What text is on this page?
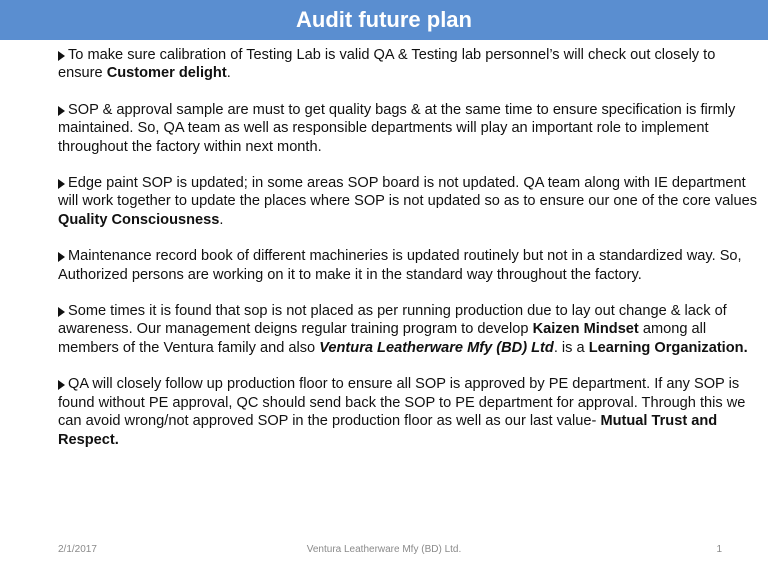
Audit future plan

To make sure calibration of Testing Lab is valid QA & Testing lab personnel’s will check out closely to ensure Customer delight.

SOP & approval sample are must to get quality bags & at the same time to ensure specification is firmly maintained. So, QA team as well as responsible departments will play an important role to implement throughout the factory within next month.

Edge paint SOP is updated; in some areas SOP board is not updated. QA team along with IE department will work together to update the places where SOP is not updated so as to ensure our one of the core values Quality Consciousness.

Maintenance record book of different machineries is updated routinely but not in a standardized way. So, Authorized persons are working on it to make it in the standard way throughout the factory.

Some times it is found that sop is not placed as per running production due to lay out change & lack of awareness. Our management deigns regular training program to develop Kaizen Mindset among all members of the Ventura family and also Ventura Leatherware Mfy (BD) Ltd. is a Learning Organization.

QA will closely follow up production floor to ensure all SOP is approved by PE department. If any SOP is found without PE approval, QC should send back the SOP to PE department for approval. Through this we can avoid wrong/not approved SOP in the production floor as well as our last value- Mutual Trust and Respect.

2/1/2017	Ventura Leatherware Mfy (BD) Ltd.	1
